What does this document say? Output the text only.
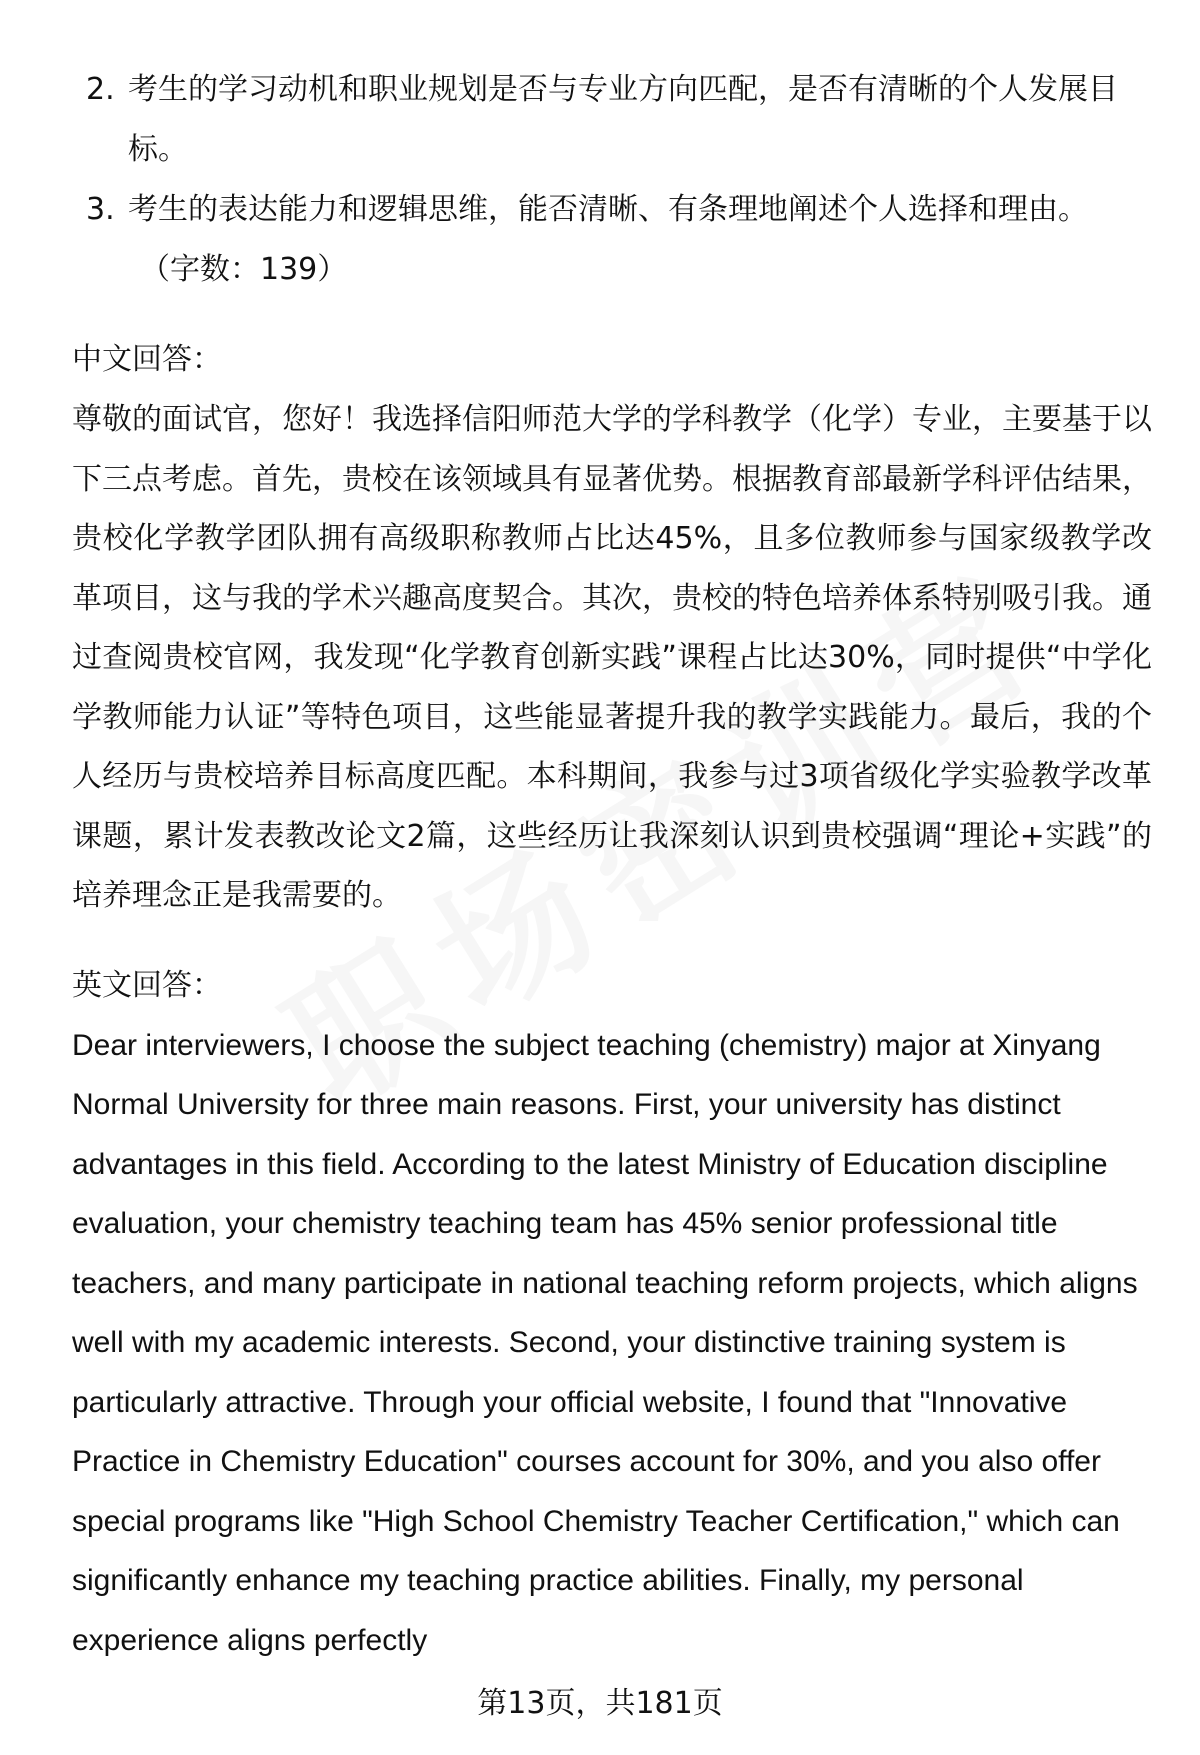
2. 考生的学习动机和职业规划是否与专业方向匹配，是否有清晰的个人发展目标。
3. 考生的表达能力和逻辑思维，能否清晰、有条理地阐述个人选择和理由。

（字数：139）

中文回答：

尊敬的面试官，您好！我选择信阳师范大学的学科教学（化学）专业，主要基于以下三点考虑。首先，贵校在该领域具有显著优势。根据教育部最新学科评估结果，贵校化学教学团队拥有高级职称教师占比达45%，且多位教师参与国家级教学改革项目，这与我的学术兴趣高度契合。其次，贵校的特色培养体系特别吸引我。通过查阅贵校官网，我发现“化学教育创新实践”课程占比达30%，同时提供“中学化学教师能力认证”等特色项目，这些能显著提升我的教学实践能力。最后，我的个人经历与贵校培养目标高度匹配。本科期间，我参与过3项省级化学实验教学改革课题，累计发表教改论文2篇，这些经历让我深刻认识到贵校强调“理论+实践”的培养理念正是我需要的。

英文回答：

Dear interviewers, I choose the subject teaching (chemistry) major at Xinyang Normal University for three main reasons. First, your university has distinct advantages in this field. According to the latest Ministry of Education discipline evaluation, your chemistry teaching team has 45% senior professional title teachers, and many participate in national teaching reform projects, which aligns well with my academic interests. Second, your distinctive training system is particularly attractive. Through your official website, I found that "Innovative Practice in Chemistry Education" courses account for 30%, and you also offer special programs like "High School Chemistry Teacher Certification," which can significantly enhance my teaching practice abilities. Finally, my personal experience aligns perfectly

第13页，共181页
